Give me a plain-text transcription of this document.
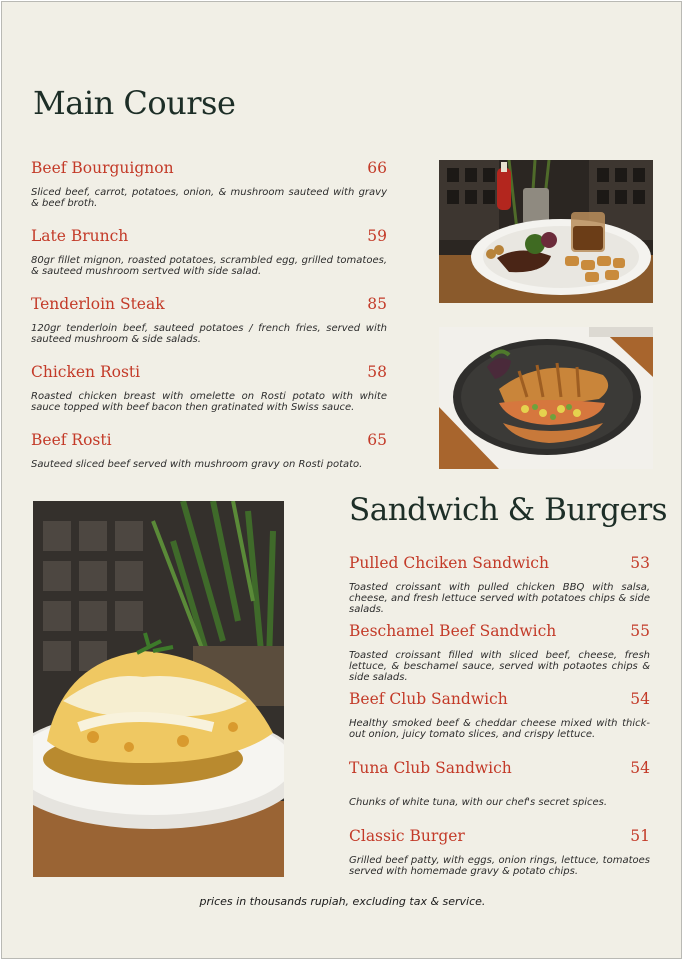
Main Course
Beef Bourguignon	66

Sliced beef, carrot, potatoes, onion, & mushroom sauteed with gravy & beef broth.

Late Brunch	59

80gr fillet mignon, roasted potatoes, scrambled egg, grilled tomatoes, & sauteed mushroom sertved with side salad.

Tenderloin Steak	85

120gr tenderloin beef, sauteed potatoes / french fries, served with sauteed mushroom & side salads.

Chicken Rosti	58

Roasted chicken breast with omelette on Rosti potato with white sauce topped with beef bacon then gratinated with Swiss sauce.

Beef Rosti	65

Sauteed sliced beef served with mushroom gravy on Rosti potato.

Sandwich & Burgers
Pulled Chciken Sandwich	53

Toasted croissant with pulled chicken BBQ with salsa, cheese, and fresh lettuce served with potatoes chips & side salads.

Beschamel Beef Sandwich	55

Toasted croissant filled with sliced beef, cheese, fresh lettuce, & beschamel sauce, served with potaotes chips & side salads.

Beef Club Sandwich	54

Healthy smoked beef & cheddar cheese mixed with thick-out onion, juicy tomato slices, and crispy lettuce.

Tuna Club Sandwich	54

Chunks of white tuna, with our chef's secret spices.

Classic Burger	51

Grilled beef patty, with eggs, onion rings, lettuce, tomatoes served with homemade gravy & potato chips.

prices in thousands rupiah, excluding tax & service.
